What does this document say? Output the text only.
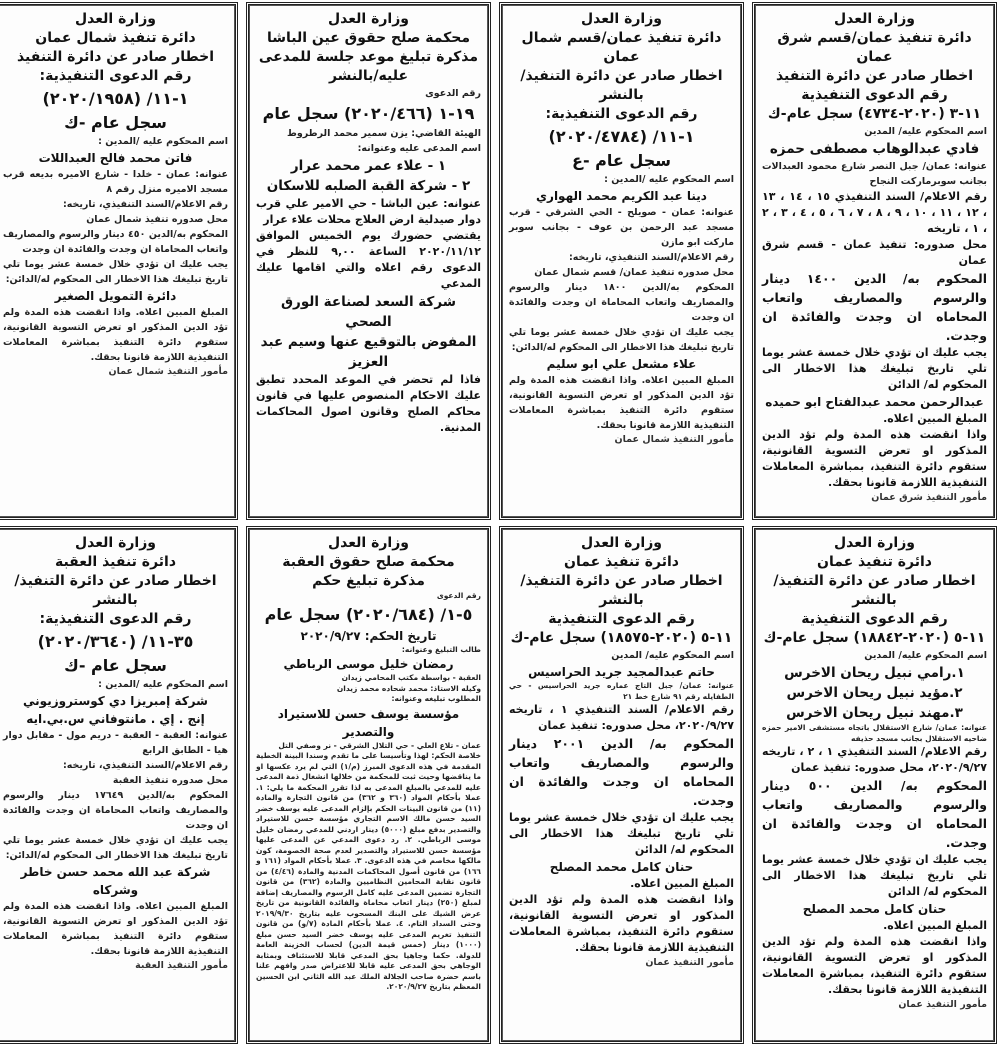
وزارة العدل

دائرة تنفيذ عمان/قسم شرق عمان

اخطار صادر عن دائرة التنفيذ

رقم الدعوى التنفيذية

١١-٣ (٢٠٢٠-٤٧٣٤) سجل عام-ك

اسم المحكوم عليه/ المدين

فادي عبدالوهاب مصطفى حمزه

عنوانه: عمان/ جبل النصر شارع محمود العبدالات بجانب سوبرماركت النجاح

رقم الاعلام/ السند التنفيذي ١٥ ، ١٤ ، ١٣ ، ١٢ ، ١١ ، ١٠ ، ٩ ، ٨ ، ٧ ، ٦ ، ٥ ، ٤ ، ٣ ، ٢ ، ١ ، تاريخه

محل صدوره: تنفيذ عمان - قسم شرق عمان

المحكوم به/ الدين ١٤٠٠ دينار والرسوم والمصاريف واتعاب المحاماه ان وجدت والفائدة ان وجدت.

يجب عليك ان تؤدي خلال خمسة عشر يوما تلي تاريخ تبليغك هذا الاخطار الى المحكوم له/ الدائن

عبدالرحمن محمد عبدالفتاح ابو حميده

المبلغ المبين اعلاه.

واذا انقضت هذه المدة ولم تؤد الدين المذكور او تعرض التسوية القانونية، ستقوم دائرة التنفيذ، بمباشرة المعاملات التنفيذية اللازمة قانونا بحقك.

مأمور التنفيذ شرق عمان

وزارة العدل

دائرة تنفيذ عمان/قسم شمال عمان

اخطار صادر عن دائرة التنفيذ/بالنشر

رقم الدعوى التنفيذية:

١-١١/ (٢٠٢٠/٤٧٨٤)

سجل عام -ع

اسم المحكوم عليه /المدين :

دينا عبد الكريم محمد الهواري

عنوانه: عمان - صويلح - الحي الشرقي - قرب مسجد عبد الرحمن بن عوف - بجانب سوبر ماركت ابو مازن

رقم الاعلام/السند التنفيذي، تاريخه:

محل صدوره تنفيذ عمان/ قسم شمال عمان

المحكوم به/الدين ١٨٠٠ دينار والرسوم والمصاريف واتعاب المحاماة ان وجدت والفائدة ان وجدت

يجب عليك ان تؤدي خلال خمسة عشر يوما تلي تاريخ تبليغك هذا الاخطار الى المحكوم له/الدائن:

علاء مشعل علي ابو سليم

المبلغ المبين اعلاه. واذا انقضت هذه المدة ولم تؤد الدين المذكور او تعرض التسوية القانونية، ستقوم دائرة التنفيذ بمباشرة المعاملات التنفيذية اللازمة قانونا بحقك.

مأمور التنفيذ شمال عمان

وزارة العدل

محكمة صلح حقوق عين الباشا

مذكرة تبليغ موعد جلسة للمدعى

عليه/بالنشر

رقم الدعوى

١٩-١ (٢٠٢٠/٤٦٦) سجل عام

الهيئة القاضي: يزن سمير محمد الرطروط

اسم المدعى عليه وعنوانه:

١ - علاء عمر محمد عرار

٢ - شركة القبة الصلبه للاسكان

عنوانه: عين الباشا - حي الامير علي قرب دوار صيدلية ارض العلاج محلات علاء عرار

يقتضي حضورك يوم الخميس الموافق ٢٠٢٠/١١/١٢ الساعة ٩,٠٠ للنظر في الدعوى رقم اعلاه والتي اقامها عليك المدعي

شركة السعد لصناعة الورق الصحي

المفوض بالتوقيع عنها وسيم عبد العزيز

فاذا لم تحضر في الموعد المحدد تطبق عليك الاحكام المنصوص عليها في قانون محاكم الصلح وقانون اصول المحاكمات المدنية.

وزارة العدل

دائرة تنفيذ شمال عمان

اخطار صادر عن دائرة التنفيذ

رقم الدعوى التنفيذية:

١-١١/ (٢٠٢٠/١٩٥٨)

سجل عام -ك

اسم المحكوم عليه /المدين :

فاتن محمد فالح العبداللات

عنوانه: عمان - خلدا - شارع الاميره بديعه قرب مسجد الاميره منزل رقم ٨

رقم الاعلام/السند التنفيذي، تاريخه:

محل صدوره تنفيذ شمال عمان

المحكوم به/الدين ٤٥٠ دينار والرسوم والمصاريف واتعاب المحاماة ان وجدت والفائدة ان وجدت

يجب عليك ان تؤدي خلال خمسة عشر يوما تلي تاريخ تبليغك هذا الاخطار الى المحكوم له/الدائن:

دائرة التمويل الصغير

المبلغ المبين اعلاه. واذا انقضت هذه المدة ولم تؤد الدين المذكور او تعرض التسوية القانونية، ستقوم دائرة التنفيذ بمباشرة المعاملات التنفيذية اللازمة قانونا بحقك.

مأمور التنفيذ شمال عمان

وزارة العدل

دائرة تنفيذ عمان

اخطار صادر عن دائرة التنفيذ/بالنشر

رقم الدعوى التنفيذية

١١-٥ (٢٠٢٠-١٨٨٤٢) سجل عام-ك

اسم المحكوم عليه/ المدين

١.رامي نبيل ريحان الاخرس

٢.مؤيد نبيل ريحان الاخرس

٣.مهند نبيل ريحان الاخرس

عنوانه: عمان/ شارع الاستقلال باتجاه مستشفى الامير حمزه ضاحيه الاستقلال بجانب مسجد حذيفه

رقم الاعلام/ السند التنفيذي ١ ، ٢ ، تاريخه ٢٠٢٠/٩/٢٧، محل صدوره: تنفيذ عمان

المحكوم به/ الدين ٥٠٠ دينار والرسوم والمصاريف واتعاب المحاماه ان وجدت والفائدة ان وجدت.

يجب عليك ان تؤدي خلال خمسة عشر يوما تلي تاريخ تبليغك هذا الاخطار الى المحكوم له/ الدائن

حنان كامل محمد المصلح

المبلغ المبين اعلاه.

واذا انقضت هذه المدة ولم تؤد الدين المذكور او تعرض التسوية القانونية، ستقوم دائرة التنفيذ، بمباشرة المعاملات التنفيذية اللازمة قانونا بحقك.

مأمور التنفيذ عمان

وزارة العدل

دائرة تنفيذ عمان

اخطار صادر عن دائرة التنفيذ/بالنشر

رقم الدعوى التنفيذية

١١-٥ (٢٠٢٠-١٨٥٧٥) سجل عام-ك

اسم المحكوم عليه/ المدين

حاتم عبدالمجيد جريد الحراسيس

عنوانه: عمان/ جبل التاج عماره جريد الحراسيس - حي الطفايله رقم ٩١ شارع خط ٢١

رقم الاعلام/ السند التنفيذي ١ ، تاريخه ٢٠٢٠/٩/٢٧، محل صدوره: تنفيذ عمان

المحكوم به/ الدين ٢٠٠١ دينار والرسوم والمصاريف واتعاب المحاماه ان وجدت والفائدة ان وجدت.

يجب عليك ان تؤدي خلال خمسة عشر يوما تلي تاريخ تبليغك هذا الاخطار الى المحكوم له/ الدائن

حنان كامل محمد المصلح

المبلغ المبين اعلاه.

واذا انقضت هذه المدة ولم تؤد الدين المذكور او تعرض التسوية القانونية، ستقوم دائرة التنفيذ، بمباشرة المعاملات التنفيذية اللازمة قانونا بحقك.

مأمور التنفيذ عمان

وزارة العدل

محكمة صلح حقوق العقبة

مذكرة تبليغ حكم

رقم الدعوى

٥-١/ (٢٠٢٠/٦٨٤) سجل عام

تاريخ الحكم: ٢٠٢٠/٩/٢٧

طالب التبليغ وعنوانه:

رمضان خليل موسى الرباطي

العقبة - بواسطة مكتب المحامي زيدان

وكيله الاستاذ: محمد شحاده محمد زيدان

المطلوب تبليغه وعنوانه:

مؤسسة يوسف حسن للاستيراد والتصدير

عمان - تلاع العلي - حي التلال الشرقي - نر وصفي التل

خلاصة الحكم: لهذا وتأسيسا على ما تقدم وسندا البينة الخطية المقدمة في هذه الدعوى المبرز (م/١) التي لم يرد عكسها او ما يناقضها وحيث ثبت للمحكمة من خلالها انشغال ذمة المدعى عليه للمدعي بالمبلغ المدعى به لذا تقرر المحكمة ما يلي: ١. عملا بأحكام المواد (٣٦٠ و ٣٦٢) من قانون التجارة والمادة (١١) من قانون البينات الحكم بإلزام المدعى عليه يوسف خضر السيد حسن مالك الاسم التجاري مؤسسة حسن للاستيراد والتصدير بدفع مبلغ (٥٠٠٠) دينار اردني للمدعي رمضان خليل موسى الرباطي. ٢. رد دعوى المدعي عن المدعى عليها مؤسسة حسن للاستيراد والتصدير لعدم صحة الخصومة، كون مالكها مخاصم في هذه الدعوى. ٣. عملا بأحكام المواد (١٦١ و ١٦٦) من قانون أصول المحاكمات المدنية والمادة (٤/٤٦) من قانون نقابة المحامين النظاميين والمادة (٣٦٢) من قانون التجارة تضمين المدعى عليه كامل الرسوم والمصاريف إضافة لمبلغ (٢٥٠) دينار اتعاب محاماة والفائدة القانونية من تاريخ عرض الشيك على البنك المسحوب عليه بتاريخ ٢٠١٩/٩/٣٠ وحتى السداد التام. ٤. عملا بأحكام المادة (٧/و) من قانون التنفيذ تغريم المدعى عليه يوسف خضر السيد حسن مبلغ (١٠٠٠) دينار (خمس قيمة الدين) لحساب الخزينة العامة للدولة. حكما وجاهيا بحق المدعي قابلا للاستئناف وبمثابة الوجاهي بحق المدعى عليه قابلا للاعتراض صدر وافهم علنا باسم حضرة صاحب الجلالة الملك عبد الله الثاني ابن الحسين المعظم بتاريخ ٢٠٢٠/٩/٢٧.

وزارة العدل

دائرة تنفيذ العقبة

اخطار صادر عن دائرة التنفيذ/بالنشر

رقم الدعوى التنفيذية:

٣٥-١١/ (٢٠٢٠/٣٦٤٠)

سجل عام -ك

اسم المحكوم عليه /المدين :

شركة إمبريزا دي كوستروزيوني

إنج . إي . مانتوفاني س.بي.ايه

عنوانه: العقبة - العقبة - دريم مول - مقابل دوار هيا - الطابق الرابع

رقم الاعلام/السند التنفيذي، تاريخه:

محل صدوره تنفيذ العقبة

المحكوم به/الدين ١٧٦٤٩ دينار والرسوم والمصاريف واتعاب المحاماة ان وجدت والفائدة ان وجدت

يجب عليك ان تؤدي خلال خمسة عشر يوما تلي تاريخ تبليغك هذا الاخطار الى المحكوم له/الدائن:

شركة عبد الله محمد حسن خاطر وشركاه

المبلغ المبين اعلاه. واذا انقضت هذه المدة ولم تؤد الدين المذكور او تعرض التسوية القانونية، ستقوم دائرة التنفيذ بمباشرة المعاملات التنفيذية اللازمة قانونا بحقك.

مأمور التنفيذ العقبة
